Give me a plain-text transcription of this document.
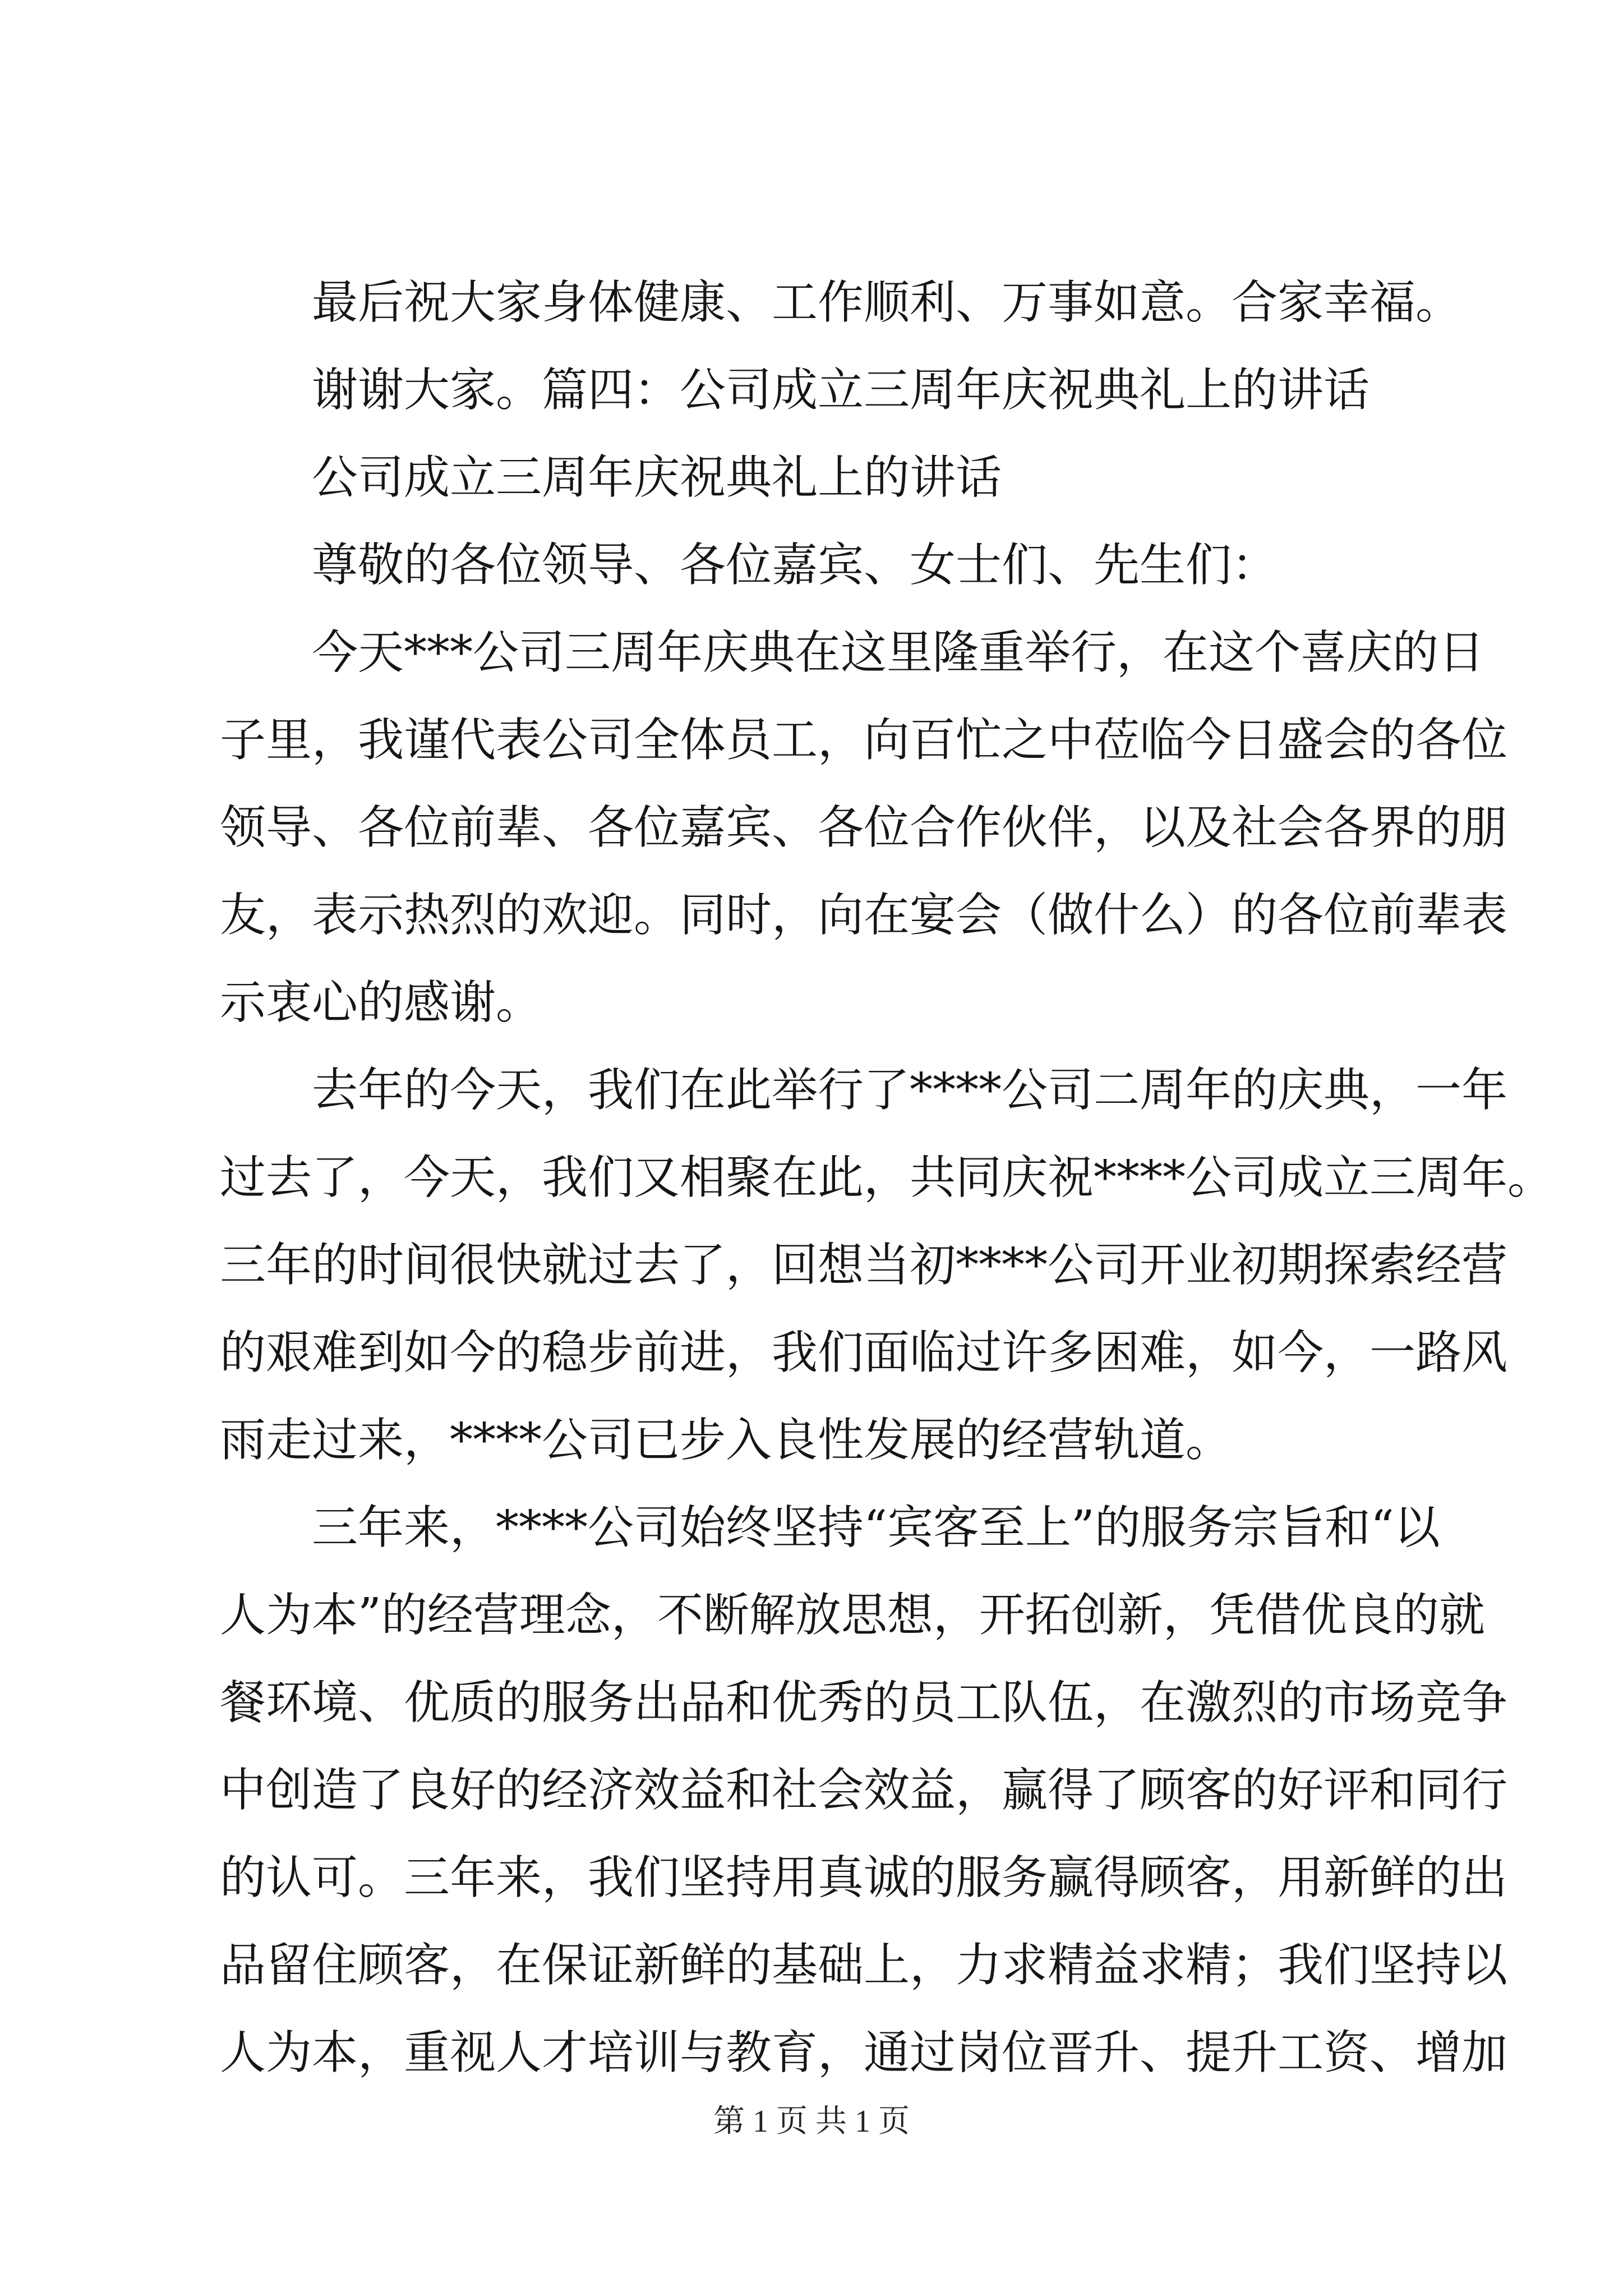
　　最后祝大家身体健康、工作顺利、万事如意。合家幸福。
　　谢谢大家。篇四：公司成立三周年庆祝典礼上的讲话
　　公司成立三周年庆祝典礼上的讲话
　　尊敬的各位领导、各位嘉宾、女士们、先生们：
　　今天***公司三周年庆典在这里隆重举行，在这个喜庆的日
子里，我谨代表公司全体员工，向百忙之中莅临今日盛会的各位
领导、各位前辈、各位嘉宾、各位合作伙伴，以及社会各界的朋
友，表示热烈的欢迎。同时，向在宴会（做什么）的各位前辈表
示衷心的感谢。
　　去年的今天，我们在此举行了****公司二周年的庆典，一年
过去了，今天，我们又相聚在此，共同庆祝****公司成立三周年。
三年的时间很快就过去了，回想当初****公司开业初期探索经营
的艰难到如今的稳步前进，我们面临过许多困难，如今，一路风
雨走过来，****公司已步入良性发展的经营轨道。
　　三年来，****公司始终坚持“宾客至上”的服务宗旨和“以
人为本”的经营理念，不断解放思想，开拓创新，凭借优良的就
餐环境、优质的服务出品和优秀的员工队伍，在激烈的市场竞争
中创造了良好的经济效益和社会效益，赢得了顾客的好评和同行
的认可。三年来，我们坚持用真诚的服务赢得顾客，用新鲜的出
品留住顾客，在保证新鲜的基础上，力求精益求精；我们坚持以
人为本，重视人才培训与教育，通过岗位晋升、提升工资、增加
第 1 页 共 1 页
